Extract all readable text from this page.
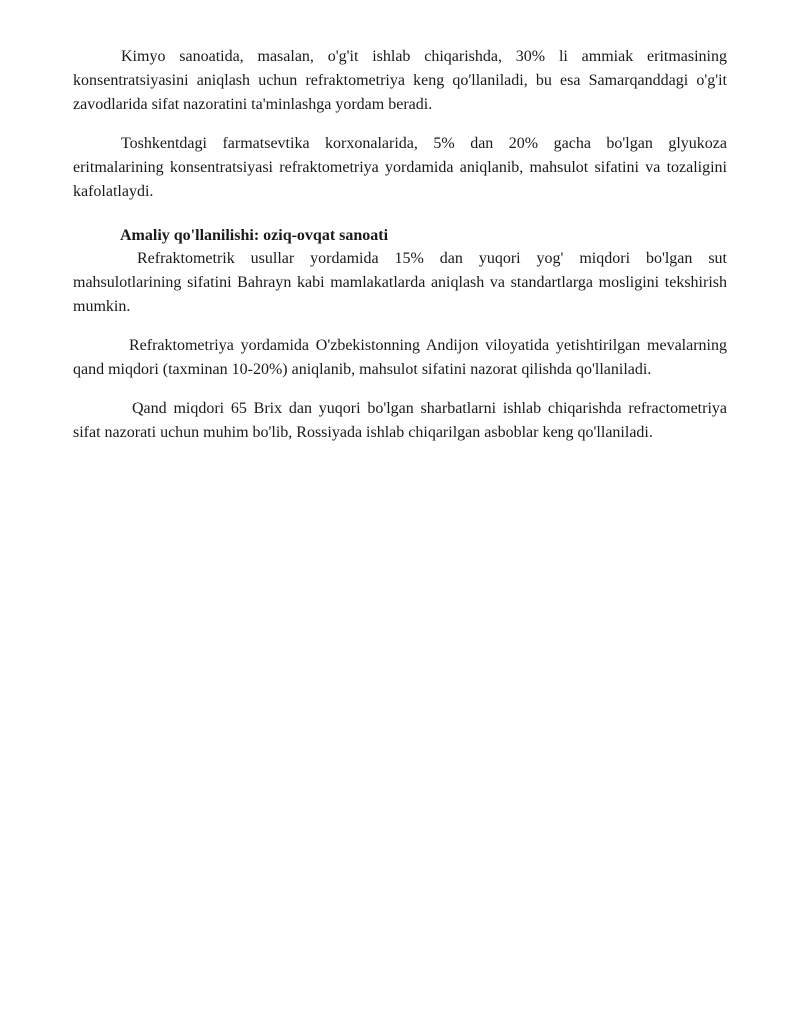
Kimyo sanoatida, masalan, o'g'it ishlab chiqarishda, 30% li ammiak eritmasining konsentratsiyasini aniqlash uchun refraktometriya keng qo'llaniladi, bu esa Samarqanddagi o'g'it zavodlarida sifat nazoratini ta'minlashga yordam beradi.

Toshkentdagi farmatsevtika korxonalarida, 5% dan 20% gacha bo'lgan glyukoza eritmalarining konsentratsiyasi refraktometriya yordamida aniqlanib, mahsulot sifatini va tozaligini kafolatlaydi.

Amaliy qo'llanilishi: oziq-ovqat sanoati

Refraktometrik usullar yordamida 15% dan yuqori yog' miqdori bo'lgan sut mahsulotlarining sifatini Bahrayn kabi mamlakatlarda aniqlash va standartlarga mosligini tekshirish mumkin.

Refraktometriya yordamida O'zbekistonning Andijon viloyatida yetishtirilgan mevalarning qand miqdori (taxminan 10-20%) aniqlanib, mahsulot sifatini nazorat qilishda qo'llaniladi.

Qand miqdori 65 Brix dan yuqori bo'lgan sharbatlarni ishlab chiqarishda refractometriya sifat nazorati uchun muhim bo'lib, Rossiyada ishlab chiqarilgan asboblar keng qo'llaniladi.
